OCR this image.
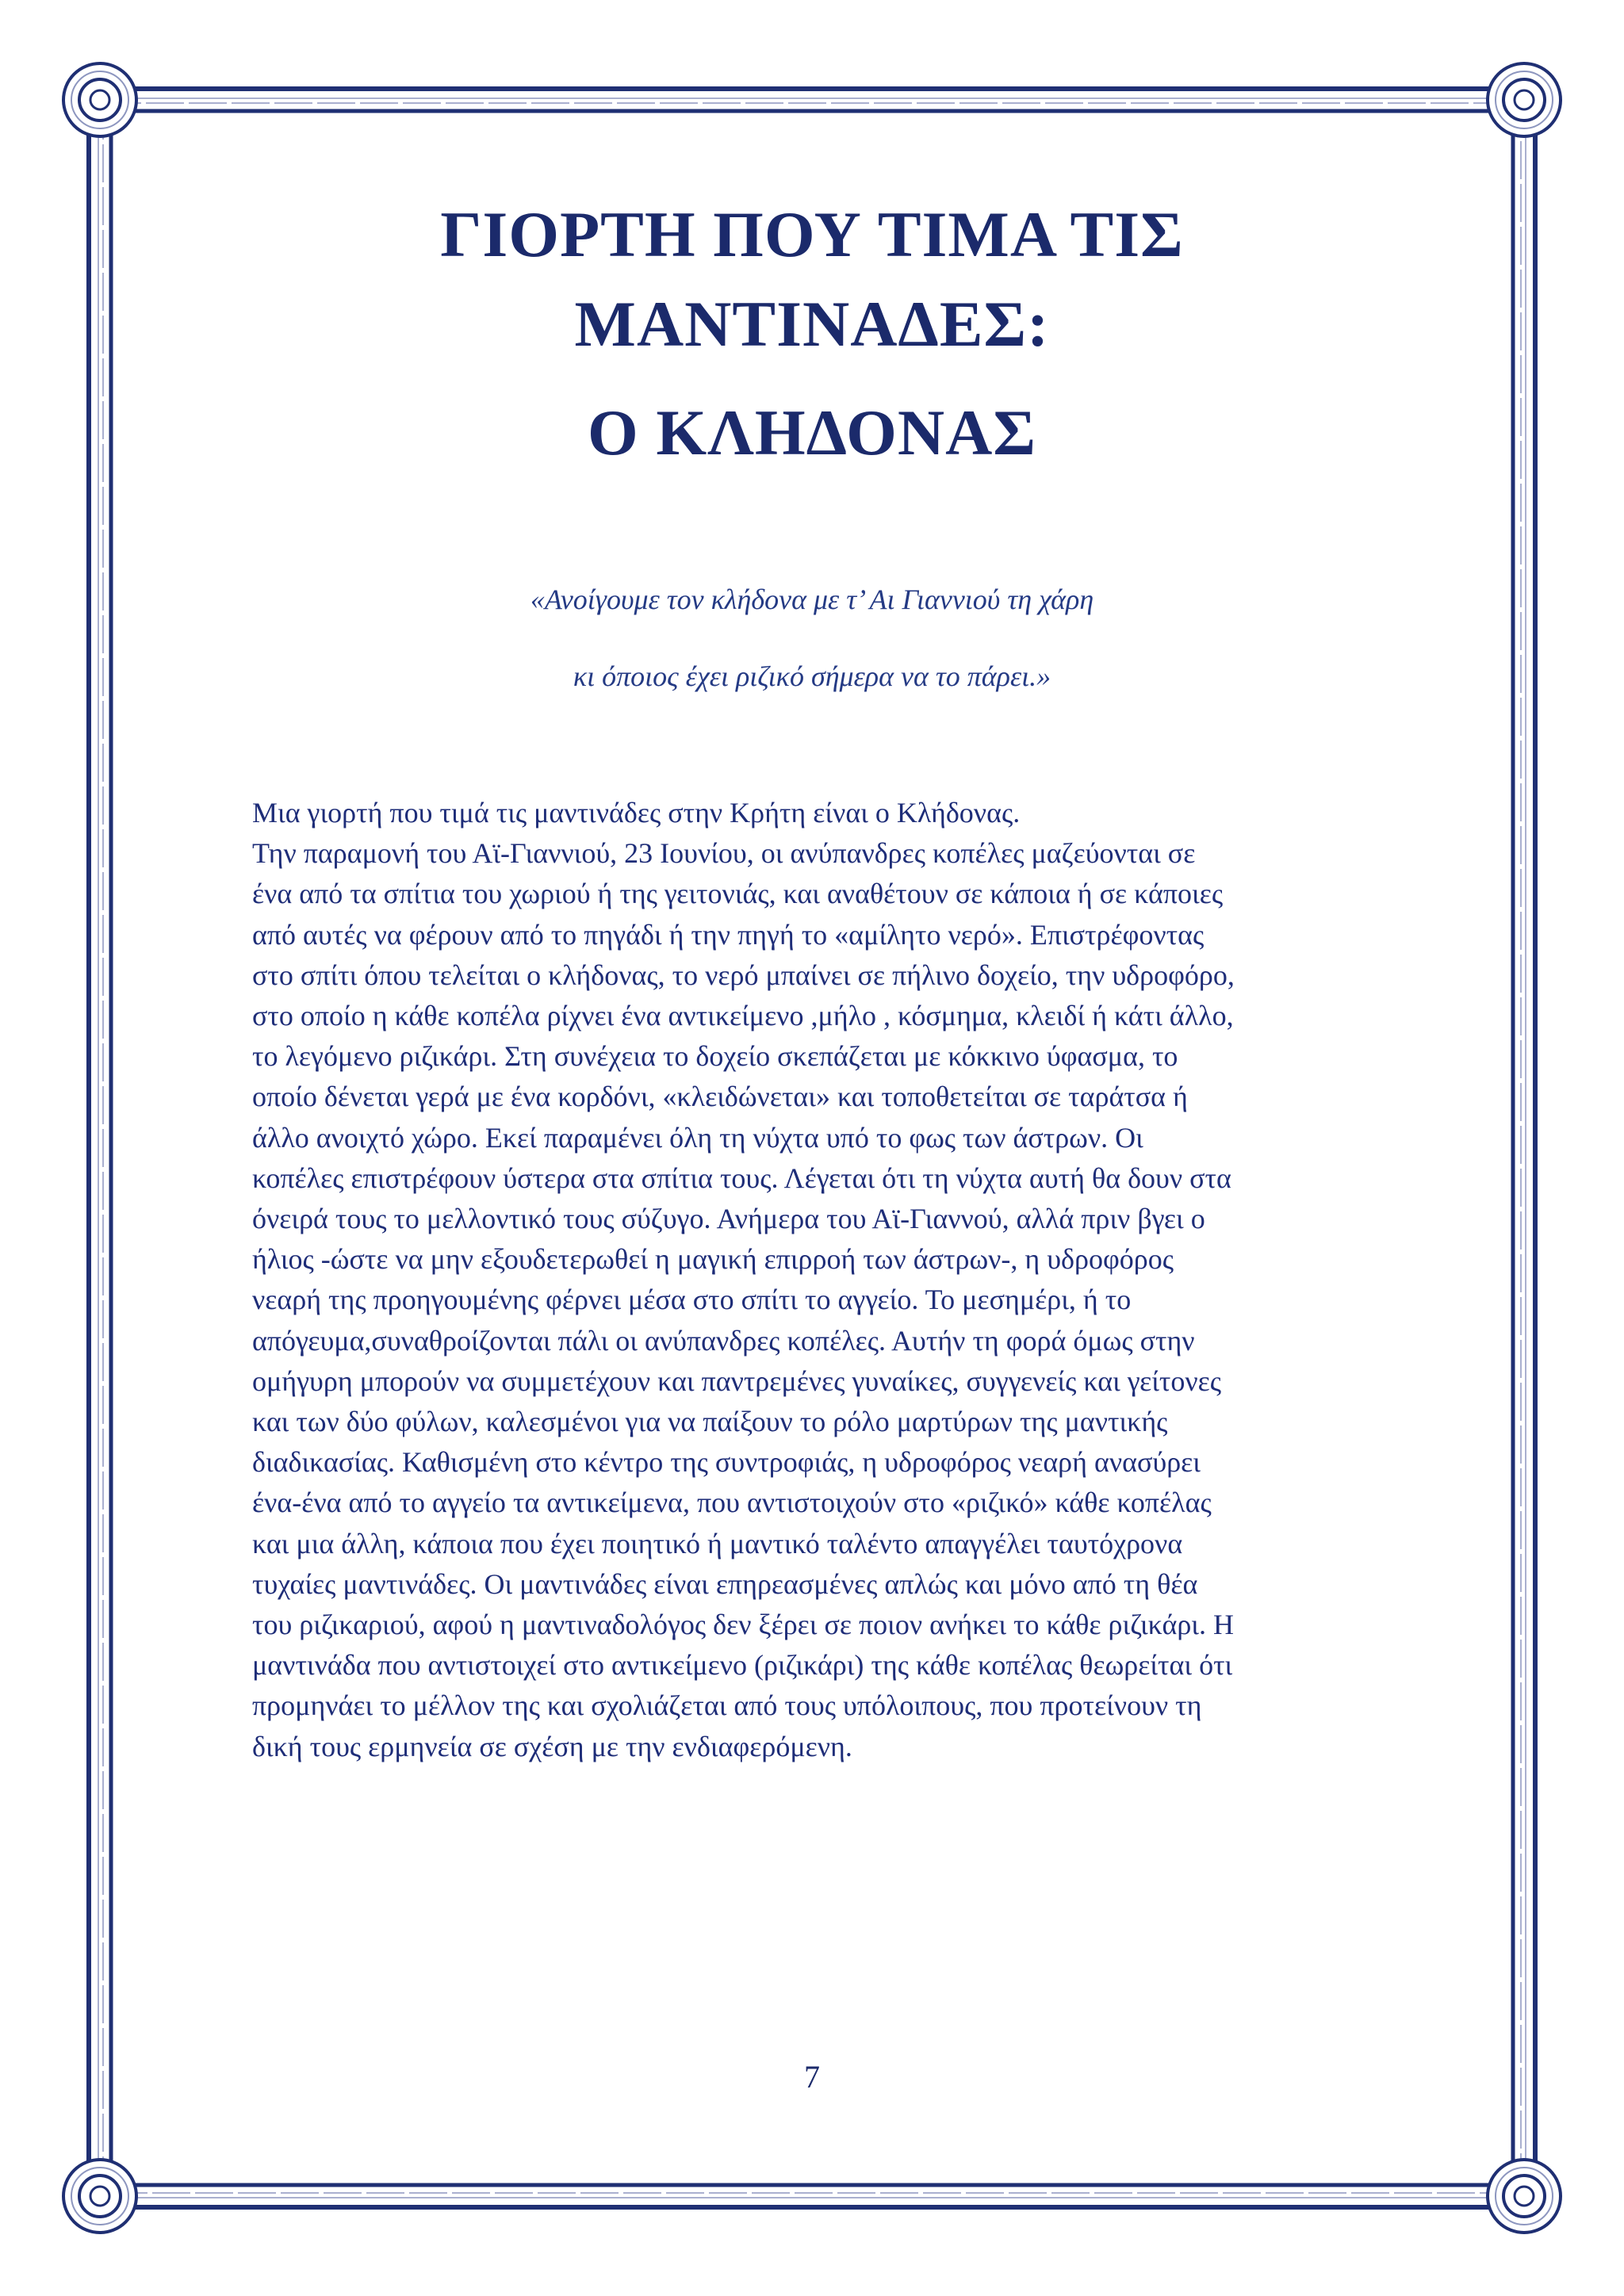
ΓΙΟΡΤΗ ΠΟΥ ΤΙΜΑ ΤΙΣ
ΜΑΝΤΙΝΑΔΕΣ:
Ο ΚΛΗΔΟΝΑΣ

«Ανοίγουμε τον κλήδονα με τ’ Αι Γιαννιού τη χάρη

κι όποιος έχει ριζικό σήμερα να το πάρει.»

Μια γιορτή που τιμά τις μαντινάδες στην Κρήτη είναι ο Κλήδονας.
Την παραμονή του Αϊ-Γιαννιού, 23 Ιουνίου, οι ανύπανδρες κοπέλες μαζεύονται σε
ένα από τα σπίτια του χωριού ή της γειτονιάς, και αναθέτουν σε κάποια ή σε κάποιες
από αυτές να φέρουν από το πηγάδι ή την πηγή το «αμίλητο νερό». Επιστρέφοντας
στο σπίτι όπου τελείται ο κλήδονας, το νερό μπαίνει σε πήλινο δοχείο, την υδροφόρο,
στο οποίο η κάθε κοπέλα ρίχνει ένα αντικείμενο ,μήλο , κόσμημα, κλειδί ή κάτι άλλο,
το λεγόμενο ριζικάρι. Στη συνέχεια το δοχείο σκεπάζεται με κόκκινο ύφασμα, το
οποίο δένεται γερά με ένα κορδόνι, «κλειδώνεται» και τοποθετείται σε ταράτσα ή
άλλο ανοιχτό χώρο. Εκεί παραμένει όλη τη νύχτα υπό το φως των άστρων. Οι
κοπέλες επιστρέφουν ύστερα στα σπίτια τους. Λέγεται ότι τη νύχτα αυτή θα δουν στα
όνειρά τους το μελλοντικό τους σύζυγο. Ανήμερα του Αϊ-Γιαννού, αλλά πριν βγει ο
ήλιος -ώστε να μην εξουδετερωθεί η μαγική επιρροή των άστρων-, η υδροφόρος
νεαρή της προηγουμένης φέρνει μέσα στο σπίτι το αγγείο. Το μεσημέρι, ή το
απόγευμα,συναθροίζονται πάλι οι ανύπανδρες κοπέλες. Αυτήν τη φορά όμως στην
ομήγυρη μπορούν να συμμετέχουν και παντρεμένες γυναίκες, συγγενείς και γείτονες
και των δύο φύλων, καλεσμένοι για να παίξουν το ρόλο μαρτύρων της μαντικής
διαδικασίας. Καθισμένη στο κέντρο της συντροφιάς, η υδροφόρος νεαρή ανασύρει
ένα-ένα από το αγγείο τα αντικείμενα, που αντιστοιχούν στο «ριζικό» κάθε κοπέλας
και μια άλλη, κάποια που έχει ποιητικό ή μαντικό ταλέντο απαγγέλει ταυτόχρονα
τυχαίες μαντινάδες. Οι μαντινάδες είναι επηρεασμένες απλώς και μόνο από τη θέα
του ριζικαριού, αφού η μαντιναδολόγος δεν ξέρει σε ποιον ανήκει το κάθε ριζικάρι. Η
μαντινάδα που αντιστοιχεί στο αντικείμενο (ριζικάρι) της κάθε κοπέλας θεωρείται ότι
προμηνάει το μέλλον της και σχολιάζεται από τους υπόλοιπους, που προτείνουν τη
δική τους ερμηνεία σε σχέση με την ενδιαφερόμενη.

7
